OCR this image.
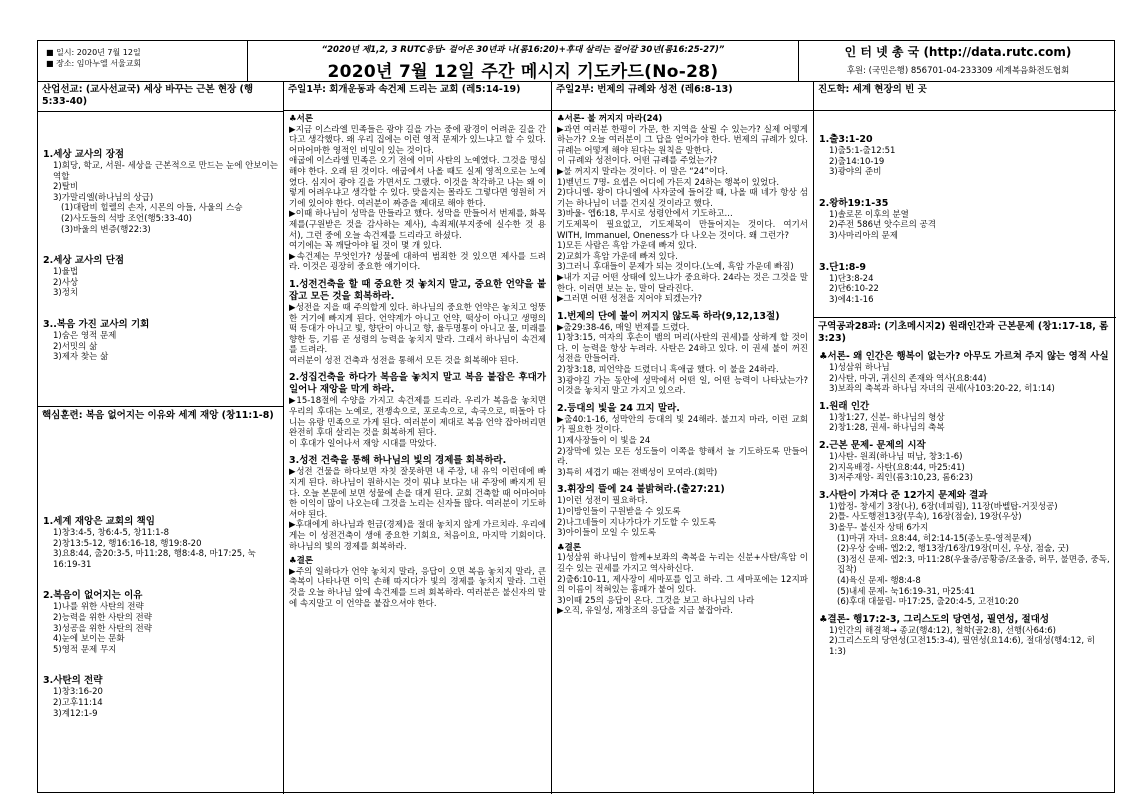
■ 일시: 2020년 7월 12일
■ 장소: 임마누엘 서울교회
“2020년 제1,2, 3 RUTC응답- 걸어온 30년과 나(롬16:20)+후대 살리는 걸어갈 30년(롬16:25-27)”
2020년 7월 12일 주간 메시지 기도카드(No-28)
인 터 넷 총 국 (http://data.rutc.com)
후원: (국민은행) 856701-04-233309 세계복음화전도협회
산업선교: (교사선교국) 세상 바꾸는 근본 현장 (행5:33-40)
1.세상 교사의 장점
1)회당, 학교, 서원- 세상을 근본적으로 만드는 눈에 안보이는 역할
2)탈비
3)가말리엘(하나님의 상급)
(1)대랍비 힐렐의 손자, 시몬의 아들, 사울의 스승
(2)사도들의 석방 조언(행5:33-40)
(3)바울의 변증(행22:3)
2.세상 교사의 단점
1)율법
2)사상
3)정치
3..복음 가진 교사의 기회
1)숨은 영적 문제
2)서밋의 삶
3)제자 찾는 삶
핵심훈련: 복음 없어지는 이유와 세계 재앙 (창11:1-8)
1.세계 재앙은 교회의 책임
1)창3:4-5, 창6:4-5, 창11:1-8
2)창13:5-12, 행16:16-18, 행19:8-20
3)요8:44, 출20:3-5, 마11:28, 행8:4-8, 마17:25, 눅16:19-31
2.복음이 없어지는 이유
1)나를 위한 사탄의 전략
2)능력을 위한 사탄의 전략
3)성공을 위한 사탄의 전략
4)눈에 보이는 문화
5)영적 문제 무지
3.사탄의 전략
1)창3:16-20
2)고후11:14
3)계12:1-9
주일1부: 회개운동과 속건제 드리는 교회 (레5:14-19)
♣서론
▶지금 이스라엘 민족들은 광야 길을 가는 중에 광경이 어려운 길을 간다고 생각했다. 왜 우리 집에는 이런 영적 문제가 있느냐고 할 수 있다. 어마어마한 영적인 비밀이 있는 것이다.
애굽에 이스라엘 민족은 오기 전에 이미 사탄의 노예였다. 그것을 명심해야 한다. 오래 된 것이다. 애굽에서 나올 때도 실제 영적으로는 노예였다. 심지어 광야 길을 가면서도 그랬다. 이것을 착각하고 나는 왜 이렇게 어려우냐고 생각할 수 있다. 맞을지는 몰라도 그렇다면 영원히 거기에 있어야 한다. 여러분이 짜증을 제대로 해야 한다.
▶이때 하나님이 성막을 만들라고 했다. 성막을 만들어서 번제를, 화목제를(구원받은 것을 감사하는 제사), 속죄제(부지중에 실수한 것 용서), 그런 중에 오늘 속건제를 드리라고 하셨다.
여기에는 꼭 깨달아야 될 것이 몇 개 있다.
▶속건제는 무엇인가? 성물에 대하여 범죄한 것 있으면 제사를 드려라. 이것은 굉장히 중요한 얘기이다.
1.성전건축을 할 때 중요한 것 놓치지 말고, 중요한 언약을 붙잡고 모든 것을 회복하라.
▶성전을 지을 때 주의할게 있다. 하나님의 중요한 언약은 놓치고 엉뚱한 거기에 빠지게 된다. 언약계가 아니고 언약, 떡상이 아니고 생명의 떡 등대가 아니고 빛, 향단이 아니고 향, 율두명통이 아니고 물, 미래를 향한 등, 기름 곧 성령의 능력을 놓치지 말라. 그래서 하나님이 속건제를 드려라.
여러분이 성전 건축과 성전을 통해서 모든 것을 회복해야 된다.
2.성집건축을 하다가 복음을 놓치지 말고 복음 붙잡은 후대가 일어나 재앙을 막게 하라.
▶15-18절에 수양을 가지고 속건제를 드리라. 우리가 복음을 놓치면 우리의 후대는 노예로, 전쟁속으로, 포로속으로, 속국으로, 떠돌아 다니는 유랑 민족으로 가게 된다. 여러분이 제대로 복음 언약 잡아버리면 완전히 후대 살리는 것을 회복하게 된다.
이 후대가 일어나서 재앙 시대를 막았다.
3.성전 건축을 통해 하나님의 빛의 경제를 회복하라.
▶성전 건물을 하다보면 자칫 잘못하면 내 주장, 내 유익 이런데에 빠지게 된다. 하나님이 원하시는 것이 뭐냐 보다는 내 주장에 빠지게 된다. 오늘 본문에 보면 성물에 손을 대게 된다. 교회 건축할 때 어마어마한 이익이 많이 나오는데 그것을 노리는 신자들 많다. 여러분이 기도하셔야 된다.
▶후대에게 하나님과 헌금(경제)을 절대 놓치지 않게 가르치라. 우리에게는 이 성전건축이 생애 중요한 기회요, 처음이요, 마지막 기회이다. 하나님의 빛의 경제를 회복하라.
♣결론
▶주의 일하다가 언약 놓치지 말라, 응답이 오면 복음 놓치지 말라, 큰 축복이 나타나면 이익 손해 따지다가 빛의 경제를 놓치지 말라. 그런 것을 오늘 하나님 앞에 속건제를 드려 회복하라. 여러분은 불신자의 말에 속지말고 이 언약을 붙잡으셔야 한다.
주일2부: 번제의 규례와 성전 (레6:8-13)
♣서론- 불 꺼지지 마라(24)
▶과연 여러분 한평이 가문, 한 지역을 살릴 수 있는가? 실제 어떻게 하는가? 오늘 여러분이 그 답을 얻어가야 한다. 번제의 규례가 있다. 규례는 어떻게 해야 된다는 원칙을 말한다.
이 규례와 성전이다. 어떤 규례를 주었는가?
▶불 꺼지지 말라는 것이다. 이 말은 “24”이다.
1)벧넌드 7명- 요셉은 어디에 가든지 24하는 행복이 있었다.
2)다니엘- 왕이 다니엘에 사자굴에 들어갈 때, 나올 때 네가 항상 섬기는 하나님이 너를 건지실 것이라고 했다.
3)바울- 엡6:18, 무시로 성령안에서 기도하고...
기도제목이 필요없고, 기도제목이 만들어지는 것이다. 여기서 WITH, Immanuel, Oneness가 다 나오는 것이다. 왜 그런가?
1)모든 사람은 흑암 가운데 빠져 있다.
2)교회가 흑암 가운데 빠져 있다.
3)그러니 후대들이 문제가 되는 것이다.(노예, 흑암 가운데 빠짐)
▶내가 지금 어떤 상태에 있느냐가 중요하다. 24라는 것은 그것을 말한다. 이러면 보는 눈, 말이 달라진다.
▶그러면 어떤 성전을 지어야 되겠는가?
1.번제의 단에 불이 꺼지지 않도록 하라(9,12,13절)
▶출29:38-46, 매일 번제를 드렸다.
1)창3:15, 여자의 후손이 뱀의 머리(사탄의 권세)를 상하게 할 것이다. 이 능력을 항상 누려라. 사탄은 24하고 있다. 이 권세 불이 꺼진 성전을 만들어라.
2)창3:18, 피언약을 드렸더니 흑애굽 했다. 이 불을 24하라.
3)광야길 가는 동안에 성막에서 어떤 일, 어떤 능력이 나타났는가? 이것을 놓치지 말고 가지고 있으라.
2.등대의 빛을 24 끄지 말라.
▶출40:1-16, 성막안의 등대의 빛 24해라. 불끄지 마라, 이런 교회가 필요한 것이다.
1)제사장들이 이 빛을 24
2)장막에 있는 모든 성도들이 이쪽을 향해서 늘 기도하도록 만들어라.
3)특히 세겹기 때는 전백성이 모여라.(회막)
3.휘장의 뜰에 24 불밝혀라.(출27:21)
1)이런 성전이 필요하다.
1)이방인들이 구원받을 수 있도록
2)나그네들이 지나가다가 기도할 수 있도록
3)아이들이 모일 수 있도록
♣결론
1)성삼위 하나님이 함께+보좌의 축복을 누리는 신분+사탄/흑암 이길수 있는 권세를 가지고 역사하신다.
2)출6:10-11, 제사장이 세마포를 입고 하라. 그 세마포에는 12지파의 이름이 적혀있는 흉패가 붙어 있다.
3)이때 25의 응답이 온다. 그것을 보고 하나님의 나라
▶오직, 유일성, 재창조의 응답을 지금 붙잡아라.
진도학: 세계 현장의 빈 곳
1.출3:1-20
1)출5:1-출12:51
2)출14:10-19
3)광야의 준비
2.왕하19:1-35
1)솔로몬 이후의 분열
2)주전 586년 앗수르의 공격
3)사마리아의 문제
3.단1:8-9
1)단3:8-24
2)단6:10-22
3)에4:1-16
구역공과28과: (기초메시지2) 원래인간과 근본문제 (창1:17-18, 롬3:23)
♣서론- 왜 인간은 행복이 없는가? 아무도 가르쳐 주지 않는 영적 사실
1)성삼위 하나님
2)사탄, 마귀, 귀신의 존재와 역사(요8:44)
3)보좌의 축복과 하나님 자녀의 권세(사103:20-22, 히1:14)
1.원래 인간
1)창1:27, 신분- 하나님의 형상
2)창1:28, 권세- 하나님의 축복
2.근본 문제- 문제의 시작
1)사탄- 원죄(하나님 떠남, 창3:1-6)
2)지옥배경- 사탄(요8:44, 마25:41)
3)저주재앙- 죄인(롬3:10,23, 롬6:23)
3.사탄이 가져다 준 12가지 문제와 결과
1)합정- 창세기 3장(나), 6장(네피림), 11장(바벨탑-거짓성공)
2)틀- 사도행전13장(무속), 16장(점술), 19장(우상)
3)올무- 불신자 상태 6가지
(1)마귀 자녀- 요8:44, 히2:14-15(종노릇-영적문제)
(2)우상 숭배- 엡2:2, 행13장/16장/19장(미신, 우상, 점술, 굿)
(3)정신 문제- 엡2:3, 마11:28(우울증/공황증/조울증, 허무, 불면증, 중독, 집착)
(4)육신 문제- 행8:4-8
(5)내세 문제- 눅16:19-31, 마25:41
(6)후대 대물림- 마17:25, 출20:4-5, 고전10:20
♣결론- 행17:2-3, 그리스도의 당연성, 필연성, 절대성
1)인간의 해결책→ 종교(행4:12), 철학(골2:8), 선행(사64:6)
2)그리스도의 당연성(고전15:3-4), 필연성(요14:6), 절대성(행4:12, 히1:3)
